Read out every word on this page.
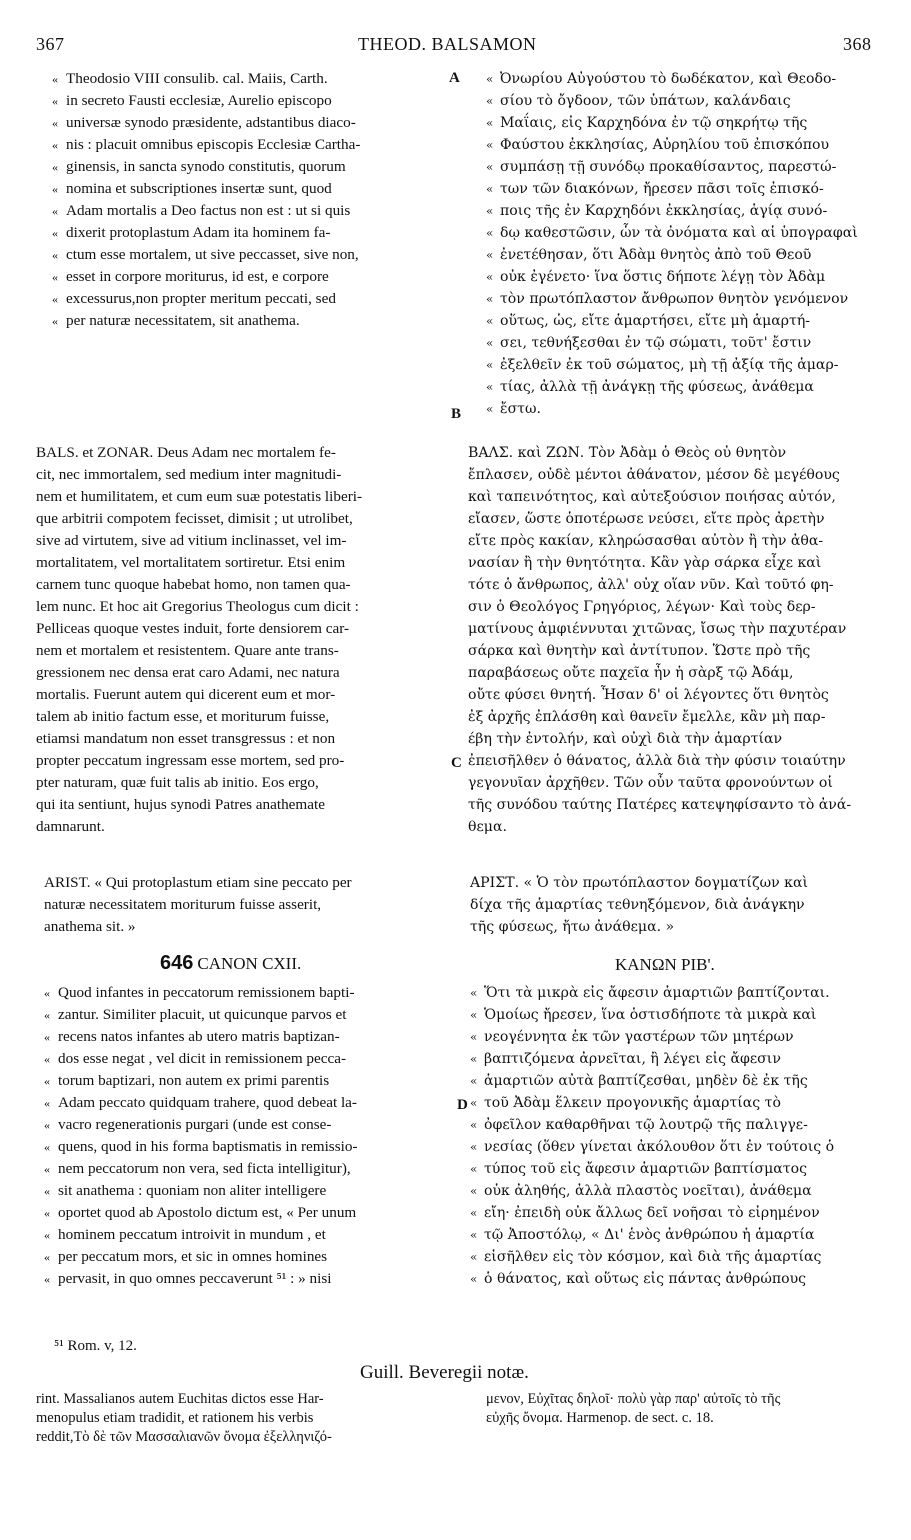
367	THEOD. BALSAMON	368
A
B
C
D
« Theodosio VIII consulib. cal. Maiis, Carth.
« in secreto Fausti ecclesiæ, Aurelio episcopo
« universæ synodo præsidente, adstantibus diaco-
« nis : placuit omnibus episcopis Ecclesiæ Cartha-
« ginensis, in sancta synodo constitutis, quorum
« nomina et subscriptiones insertæ sunt, quod
« Adam mortalis a Deo factus non est : ut si quis
« dixerit protoplastum Adam ita hominem fa-
« ctum esse mortalem, ut sive peccasset, sive non,
« esset in corpore moriturus, id est, e corpore
« excessurus,non propter meritum peccati, sed
« per naturæ necessitatem, sit anathema.
« Ὀνωρίου Αὐγούστου τὸ δωδέκατον, καὶ Θεοδο-
« σίου τὸ ὄγδοον, τῶν ὑπάτων, καλάνδαις
« Μαΐαις, εἰς Καρχηδόνα ἐν τῷ σηκρήτῳ τῆς
« Φαύστου ἐκκλησίας, Αὐρηλίου τοῦ ἐπισκόπου
« συμπάσῃ τῇ συνόδῳ προκαθίσαντος, παρεστώ-
« των τῶν διακόνων, ἤρεσεν πᾶσι τοῖς ἐπισκό-
« ποις τῆς ἐν Καρχηδόνι ἐκκλησίας, ἁγίᾳ συνό-
« δῳ καθεστῶσιν, ὧν τὰ ὀνόματα καὶ αἱ ὑπογραφαὶ
« ἐνετέθησαν, ὅτι Ἀδὰμ θνητὸς ἀπὸ τοῦ Θεοῦ
« οὐκ ἐγένετο· ἵνα ὅστις δήποτε λέγῃ τὸν Ἀδὰμ
« τὸν πρωτόπλαστον ἄνθρωπον θνητὸν γενόμενον
« οὕτως, ὡς, εἴτε ἁμαρτήσει, εἴτε μὴ ἁμαρτή-
« σει, τεθνήξεσθαι ἐν τῷ σώματι, τοῦτ' ἔστιν
« ἐξελθεῖν ἐκ τοῦ σώματος, μὴ τῇ ἀξίᾳ τῆς ἁμαρ-
« τίας, ἀλλὰ τῇ ἀνάγκῃ τῆς φύσεως, ἀνάθεμα
« ἔστω.
BALS. et ZONAR. Deus Adam nec mortalem fe-
cit, nec immortalem, sed medium inter magnitudi-
nem et humilitatem, et cum eum suæ potestatis liberi-
que arbitrii compotem fecisset, dimisit ; ut utrolibet,
sive ad virtutem, sive ad vitium inclinasset, vel im-
mortalitatem, vel mortalitatem sortiretur. Etsi enim
carnem tunc quoque habebat homo, non tamen qua-
lem nunc. Et hoc ait Gregorius Theologus cum dicit :
Pelliceas quoque vestes induit, forte densiorem car-
nem et mortalem et resistentem. Quare ante trans-
gressionem nec densa erat caro Adami, nec natura
mortalis. Fuerunt autem qui dicerent eum et mor-
talem ab initio factum esse, et moriturum fuisse,
etiamsi mandatum non esset transgressus : et non
propter peccatum ingressam esse mortem, sed pro-
pter naturam, quæ fuit talis ab initio. Eos ergo,
qui ita sentiunt, hujus synodi Patres anathemate
damnarunt.
ΒΑΛΣ. καὶ ΖΩΝ. Τὸν Ἀδὰμ ὁ Θεὸς οὐ θνητὸν
ἔπλασεν, οὐδὲ μέντοι ἀθάνατον, μέσον δὲ μεγέθους
καὶ ταπεινότητος, καὶ αὐτεξούσιον ποιήσας αὐτόν,
εἴασεν, ὥστε ὁποτέρωσε νεύσει, εἴτε πρὸς ἀρετὴν
εἴτε πρὸς κακίαν, κληρώσασθαι αὐτὸν ἢ τὴν ἀθα-
νασίαν ἢ τὴν θνητότητα. Κἂν γὰρ σάρκα εἶχε καὶ
τότε ὁ ἄνθρωπος, ἀλλ' οὐχ οἵαν νῦν. Καὶ τοῦτό φη-
σιν ὁ Θεολόγος Γρηγόριος, λέγων· Καὶ τοὺς δερ-
ματίνους ἀμφιέννυται χιτῶνας, ἴσως τὴν παχυτέραν
σάρκα καὶ θνητὴν καὶ ἀντίτυπον. Ὥστε πρὸ τῆς
παραβάσεως οὔτε παχεῖα ἦν ἡ σὰρξ τῷ Ἀδάμ,
οὔτε φύσει θνητή. Ἦσαν δ' οἱ λέγοντες ὅτι θνητὸς
ἐξ ἀρχῆς ἐπλάσθη καὶ θανεῖν ἔμελλε, κἂν μὴ παρ-
έβη τὴν ἐντολήν, καὶ οὐχὶ διὰ τὴν ἁμαρτίαν
ἐπεισῆλθεν ὁ θάνατος, ἀλλὰ διὰ τὴν φύσιν τοιαύτην
γεγονυῖαν ἀρχῆθεν. Τῶν οὖν ταῦτα φρονούντων οἱ
τῆς συνόδου ταύτης Πατέρες κατεψηφίσαντο τὸ ἀνά-
θεμα.
ARIST. « Qui protoplastum etiam sine peccato per
naturæ necessitatem moriturum fuisse asserit,
anathema sit. »
ΑΡΙΣΤ. « Ὁ τὸν πρωτόπλαστον δογματίζων καὶ
δίχα τῆς ἁμαρτίας τεθνηξόμενον, διὰ ἀνάγκην
τῆς φύσεως, ἤτω ἀνάθεμα. »
646 CANON CXII.	ΚΑΝΩΝ ΡΙΒ'.
« Quod infantes in peccatorum remissionem bapti-
« zantur. Similiter placuit, ut quicunque parvos et
« recens natos infantes ab utero matris baptizan-
« dos esse negat , vel dicit in remissionem pecca-
« torum baptizari, non autem ex primi parentis
« Adam peccato quidquam trahere, quod debeat la-
« vacro regenerationis purgari (unde est conse-
« quens, quod in his forma baptismatis in remissio-
« nem peccatorum non vera, sed ficta intelligitur),
« sit anathema : quoniam non aliter intelligere
« oportet quod ab Apostolo dictum est, « Per unum
« hominem peccatum introivit in mundum , et
« per peccatum mors, et sic in omnes homines
« pervasit, in quo omnes peccaverunt ⁵¹ : » nisi
« Ὅτι τὰ μικρὰ εἰς ἄφεσιν ἁμαρτιῶν βαπτίζονται.
« Ὁμοίως ἤρεσεν, ἵνα ὁστισδήποτε τὰ μικρὰ καὶ
« νεογέννητα ἐκ τῶν γαστέρων τῶν μητέρων
« βαπτιζόμενα ἀρνεῖται, ἢ λέγει εἰς ἄφεσιν
« ἁμαρτιῶν αὐτὰ βαπτίζεσθαι, μηδὲν δὲ ἐκ τῆς
« τοῦ Ἀδὰμ ἕλκειν προγονικῆς ἁμαρτίας τὸ
« ὀφεῖλον καθαρθῆναι τῷ λουτρῷ τῆς παλιγγε-
« νεσίας (ὅθεν γίνεται ἀκόλουθον ὅτι ἐν τούτοις ὁ
« τύπος τοῦ εἰς ἄφεσιν ἁμαρτιῶν βαπτίσματος
« οὐκ ἀληθής, ἀλλὰ πλαστὸς νοεῖται), ἀνάθεμα
« εἴη· ἐπειδὴ οὐκ ἄλλως δεῖ νοῆσαι τὸ εἰρημένον
« τῷ Ἀποστόλῳ, « Δι' ἑνὸς ἀνθρώπου ἡ ἁμαρτία
« εἰσῆλθεν εἰς τὸν κόσμον, καὶ διὰ τῆς ἁμαρτίας
« ὁ θάνατος, καὶ οὕτως εἰς πάντας ἀνθρώπους
⁵¹ Rom. v, 12.
Guill. Beveregii notæ.
rint. Massalianos autem Euchitas dictos esse Har-
menopulus etiam tradidit, et rationem his verbis
reddit,Τὸ δὲ τῶν Μασσαλιανῶν ὄνομα ἐξελληνιζό-
μενον, Εὐχῖτας δηλοῖ· πολὺ γὰρ παρ' αὐτοῖς τὸ τῆς
εὐχῆς ὄνομα. Harmenop. de sect. c. 18.
